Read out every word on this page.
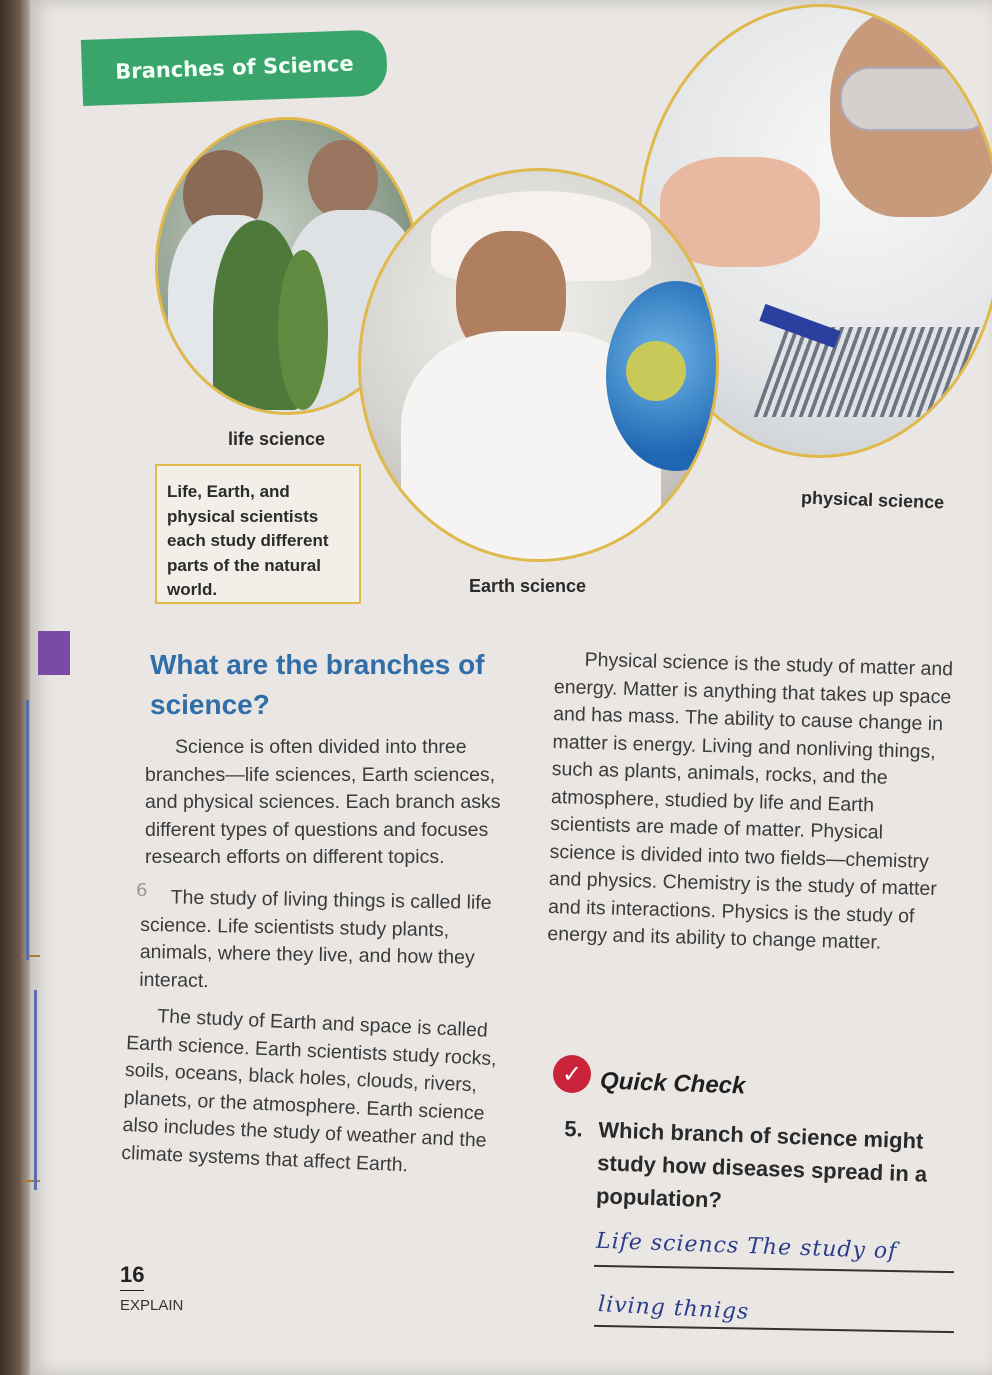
Branches of Science
life science
Earth science
physical science

Life, Earth, and physical scientists each study different parts of the natural world.

What are the branches of science?

Science is often divided into three branches—life sciences, Earth sciences, and physical sciences. Each branch asks different types of questions and focuses research efforts on different topics.

6	The study of living things is called life science. Life scientists study plants, animals, where they live, and how they interact.

The study of Earth and space is called Earth science. Earth scientists study rocks, soils, oceans, black holes, clouds, rivers, planets, or the atmosphere. Earth science also includes the study of weather and the climate systems that affect Earth.

Physical science is the study of matter and energy. Matter is anything that takes up space and has mass. The ability to cause change in matter is energy. Living and nonliving things, such as plants, animals, rocks, and the atmosphere, studied by life and Earth scientists are made of matter. Physical science is divided into two fields—chemistry and physics. Chemistry is the study of matter and its interactions. Physics is the study of energy and its ability to change matter.

✓ Quick Check
5. Which branch of science might study how diseases spread in a population?
Life sciencs The study of
living thnigs
16
EXPLAIN
